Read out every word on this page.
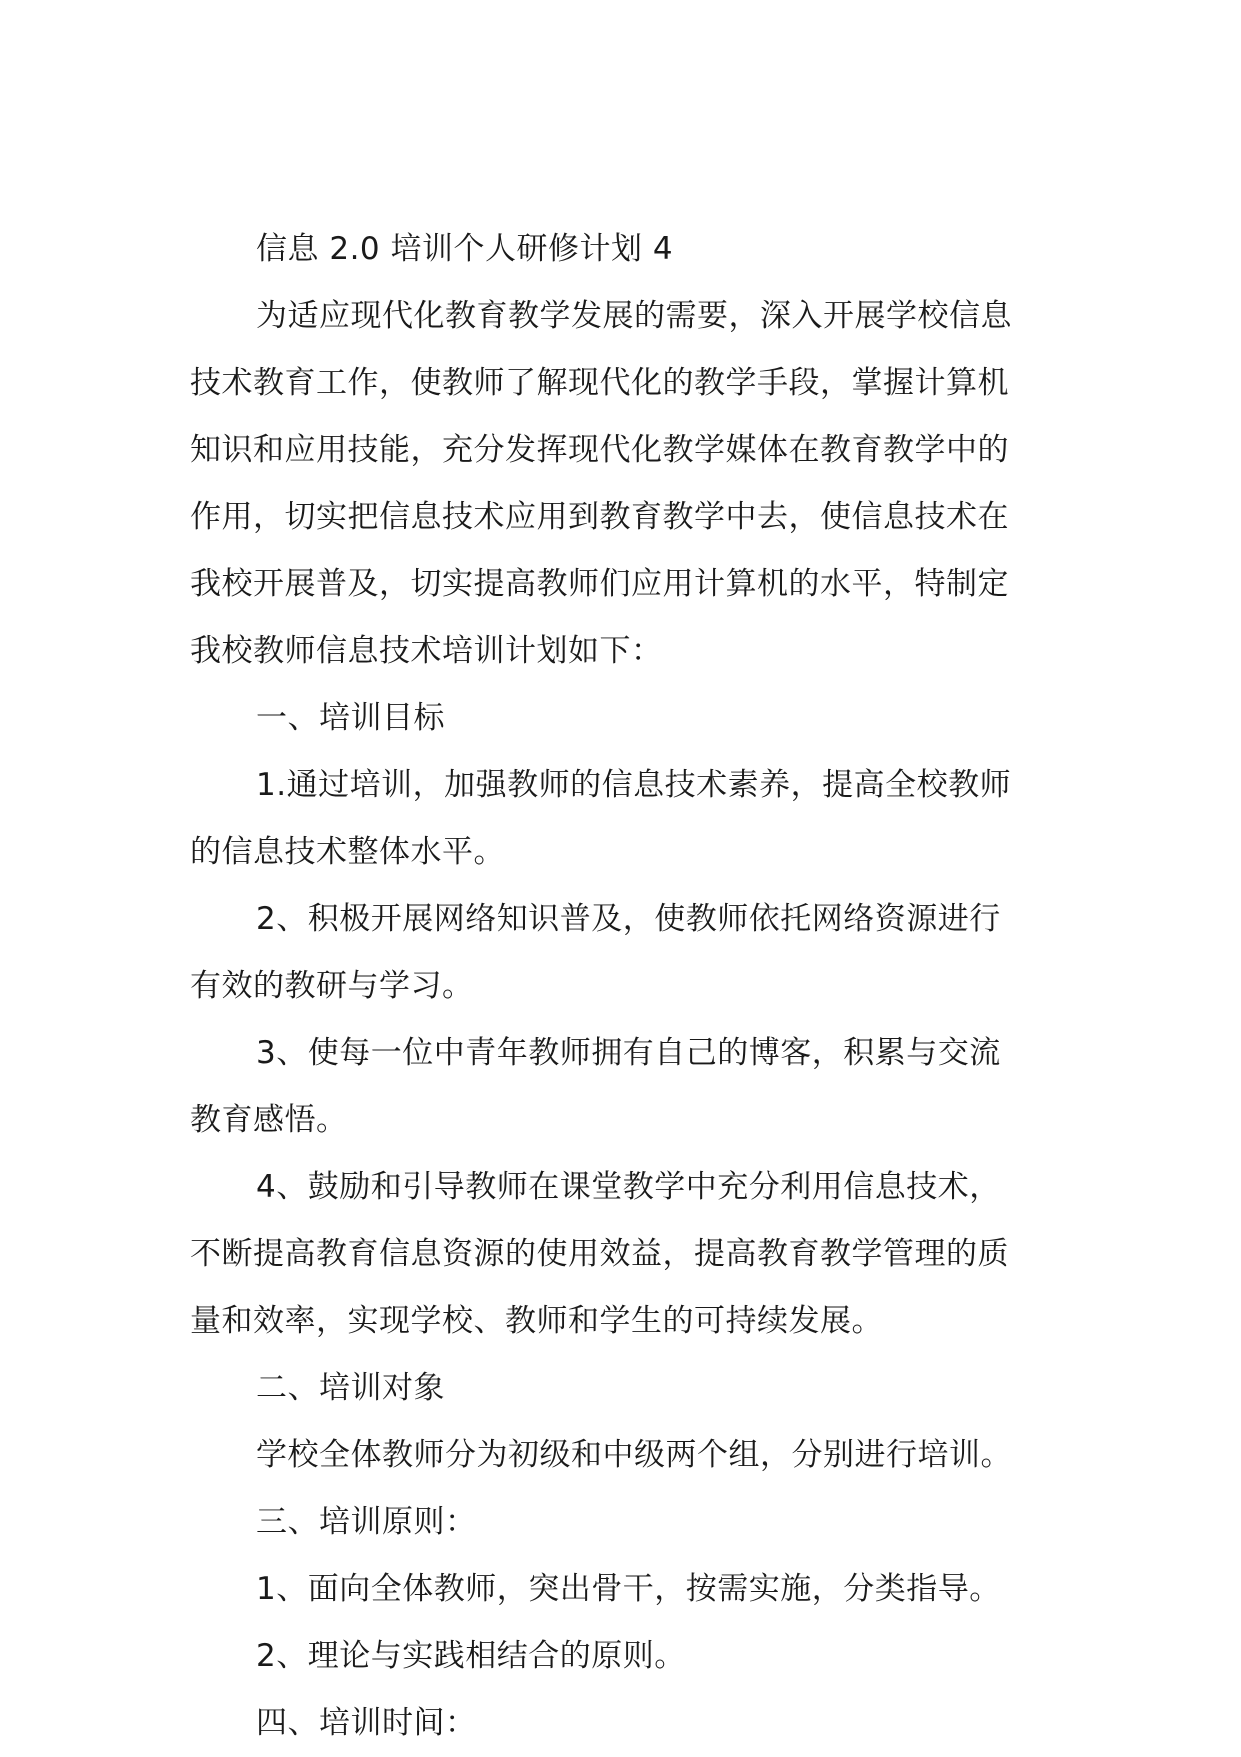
信息 2.0 培训个人研修计划 4
为适应现代化教育教学发展的需要，深入开展学校信息
技术教育工作，使教师了解现代化的教学手段，掌握计算机
知识和应用技能，充分发挥现代化教学媒体在教育教学中的
作用，切实把信息技术应用到教育教学中去，使信息技术在
我校开展普及，切实提高教师们应用计算机的水平，特制定
我校教师信息技术培训计划如下：
一、培训目标
1.通过培训，加强教师的信息技术素养，提高全校教师
的信息技术整体水平。
2、积极开展网络知识普及，使教师依托网络资源进行
有效的教研与学习。
3、使每一位中青年教师拥有自己的博客，积累与交流
教育感悟。
4、鼓励和引导教师在课堂教学中充分利用信息技术，
不断提高教育信息资源的使用效益，提高教育教学管理的质
量和效率，实现学校、教师和学生的可持续发展。
二、培训对象
学校全体教师分为初级和中级两个组，分别进行培训。
三、培训原则：
1、面向全体教师，突出骨干，按需实施，分类指导。
2、理论与实践相结合的原则。
四、培训时间：
